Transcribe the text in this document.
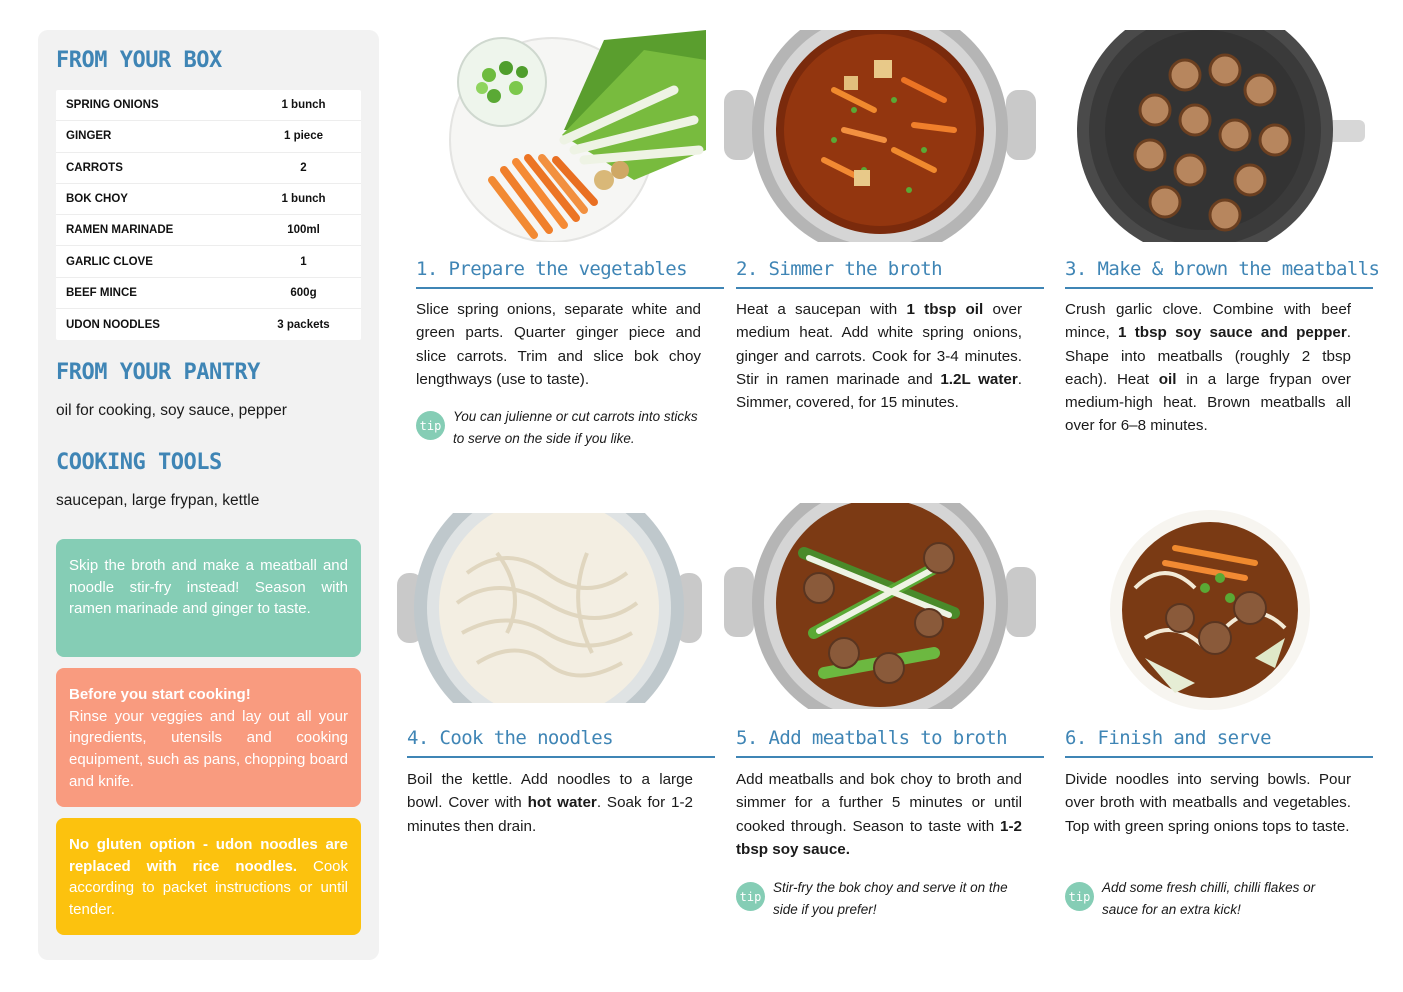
FROM YOUR BOX
SPRING ONIONS	1 bunch
GINGER	1 piece
CARROTS	2
BOK CHOY	1 bunch
RAMEN MARINADE	100ml
GARLIC CLOVE	1
BEEF MINCE	600g
UDON NOODLES	3 packets
FROM YOUR PANTRY
oil for cooking, soy sauce, pepper
COOKING TOOLS
saucepan, large frypan, kettle
Skip the broth and make a meatball and noodle stir-fry instead! Season with ramen marinade and ginger to taste.
Before you start cooking!
Rinse your veggies and lay out all your ingredients, utensils and cooking equipment, such as pans, chopping board and knife.
No gluten option - udon noodles are replaced with rice noodles. Cook according to packet instructions or until tender.
1. Prepare the vegetables
Slice spring onions, separate white and green parts. Quarter ginger piece and slice carrots. Trim and slice bok choy lengthways (use to taste).
tip
You can julienne or cut carrots into sticks to serve on the side if you like.
2. Simmer the broth
Heat a saucepan with 1 tbsp oil over medium heat. Add white spring onions, ginger and carrots. Cook for 3-4 minutes. Stir in ramen marinade and 1.2L water. Simmer, covered, for 15 minutes.
3. Make & brown the meatballs
Crush garlic clove. Combine with beef mince, 1 tbsp soy sauce and pepper. Shape into meatballs (roughly 2 tbsp each). Heat oil in a large frypan over medium-high heat. Brown meatballs all over for 6–8 minutes.
4. Cook the noodles
Boil the kettle. Add noodles to a large bowl. Cover with hot water. Soak for 1-2 minutes then drain.
5. Add meatballs to broth
Add meatballs and bok choy to broth and simmer for a further 5 minutes or until cooked through. Season to taste with 1-2 tbsp soy sauce.
tip
Stir-fry the bok choy and serve it on the side if you prefer!
6. Finish and serve
Divide noodles into serving bowls. Pour over broth with meatballs and vegetables. Top with green spring onions tops to taste.
tip
Add some fresh chilli, chilli flakes or sauce for an extra kick!
